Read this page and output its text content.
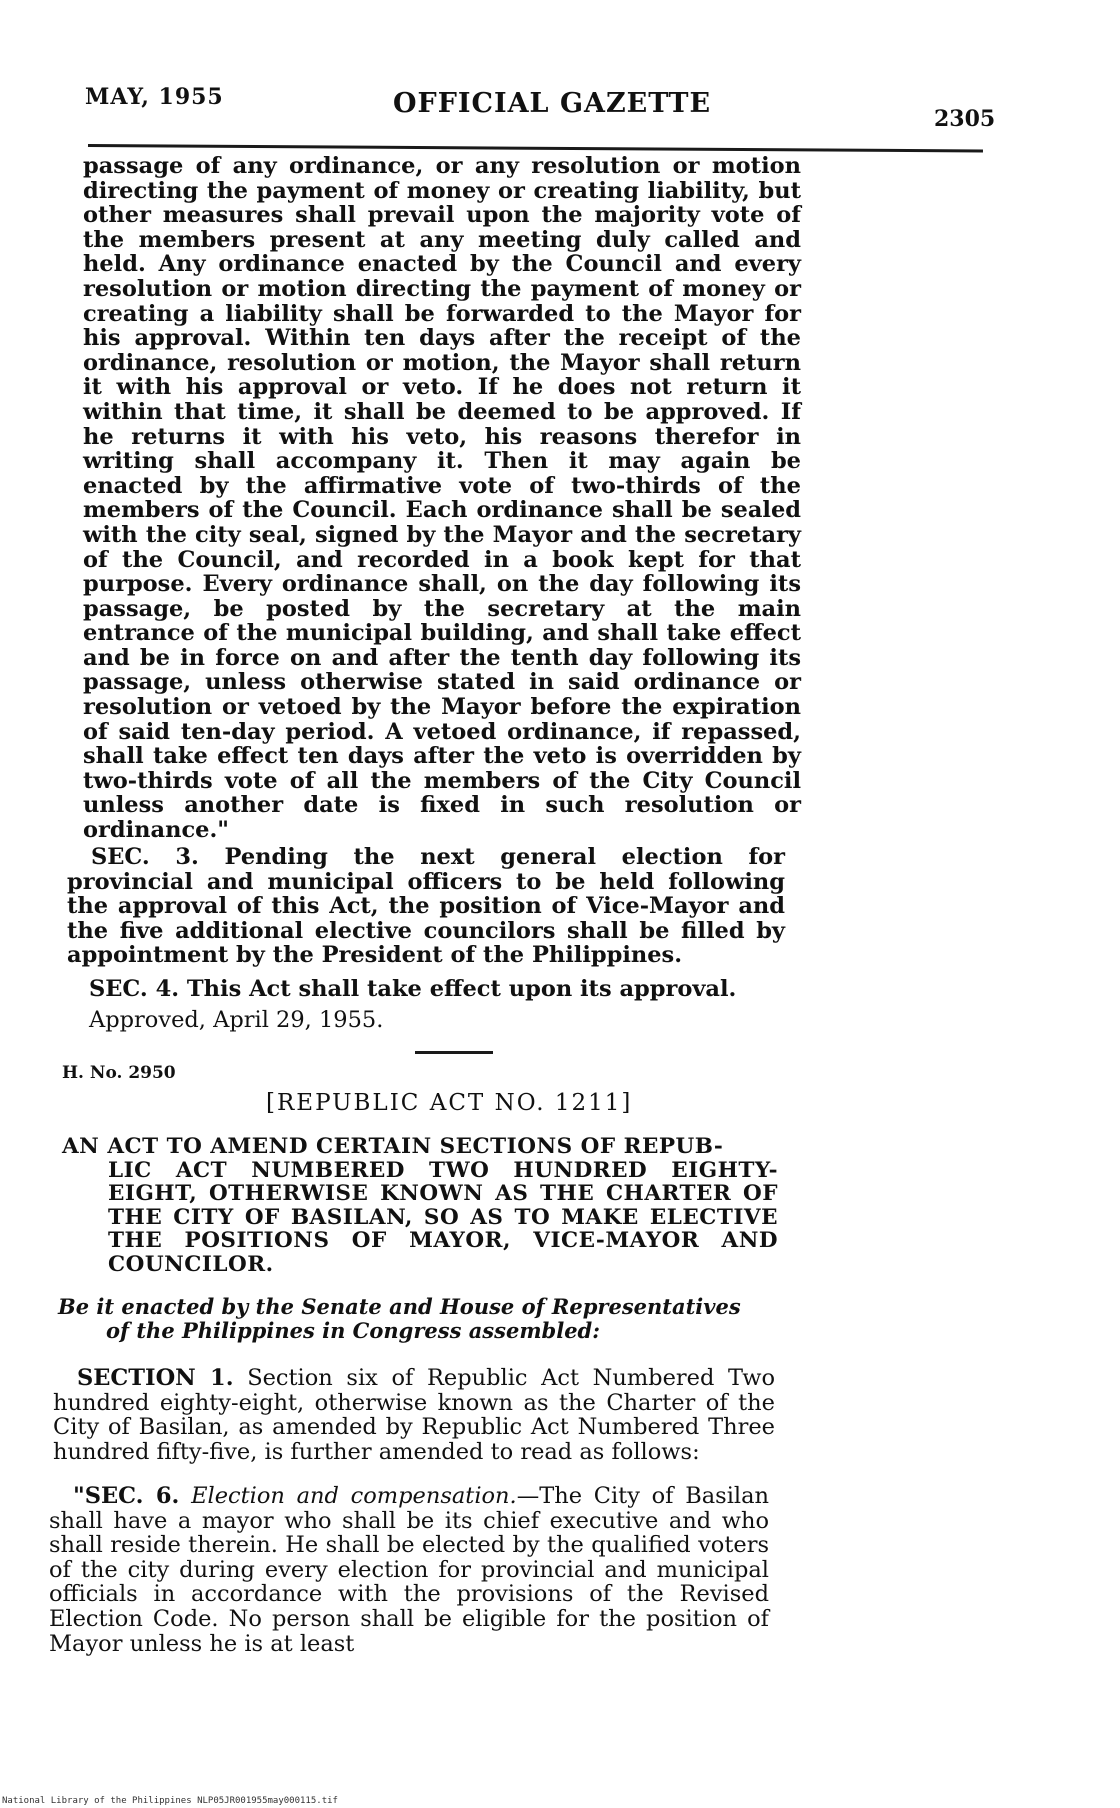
MAY, 1955	OFFICIAL GAZETTE	2305

passage of any ordinance, or any resolution or motion directing the payment of money or creating liability, but other measures shall prevail upon the majority vote of the members present at any meeting duly called and held. Any ordinance enacted by the Council and every resolution or motion directing the payment of money or creating a liability shall be forwarded to the Mayor for his approval. Within ten days after the receipt of the ordinance, resolution or motion, the Mayor shall return it with his approval or veto. If he does not return it within that time, it shall be deemed to be approved. If he returns it with his veto, his reasons therefor in writing shall accompany it. Then it may again be enacted by the affirmative vote of two-thirds of the members of the Council. Each ordinance shall be sealed with the city seal, signed by the Mayor and the secretary of the Council, and recorded in a book kept for that purpose. Every ordinance shall, on the day following its passage, be posted by the secretary at the main entrance of the municipal building, and shall take effect and be in force on and after the tenth day following its passage, unless otherwise stated in said ordinance or resolution or vetoed by the Mayor before the expiration of said ten-day period. A vetoed ordinance, if repassed, shall take effect ten days after the veto is overridden by two-thirds vote of all the members of the City Council unless another date is fixed in such resolution or ordinance."

SEC. 3. Pending the next general election for provincial and municipal officers to be held following the approval of this Act, the position of Vice-Mayor and the five additional elective councilors shall be filled by appointment by the President of the Philippines.

SEC. 4. This Act shall take effect upon its approval.

Approved, April 29, 1955.

H. No. 2950
[REPUBLIC ACT NO. 1211]
AN ACT TO AMEND CERTAIN SECTIONS OF REPUB-
LIC ACT NUMBERED TWO HUNDRED EIGHTY-EIGHT, OTHERWISE KNOWN AS THE CHARTER OF THE CITY OF BASILAN, SO AS TO MAKE ELECTIVE THE POSITIONS OF MAYOR, VICE-MAYOR AND COUNCILOR.
Be it enacted by the Senate and House of Representatives
of the Philippines in Congress assembled:

SECTION 1. Section six of Republic Act Numbered Two hundred eighty-eight, otherwise known as the Charter of the City of Basilan, as amended by Republic Act Numbered Three hundred fifty-five, is further amended to read as follows:

"SEC. 6. Election and compensation.—The City of Basilan shall have a mayor who shall be its chief executive and who shall reside therein. He shall be elected by the qualified voters of the city during every election for provincial and municipal officials in accordance with the provisions of the Revised Election Code. No person shall be eligible for the position of Mayor unless he is at least

National Library of the Philippines NLP05JR001955may000115.tif
